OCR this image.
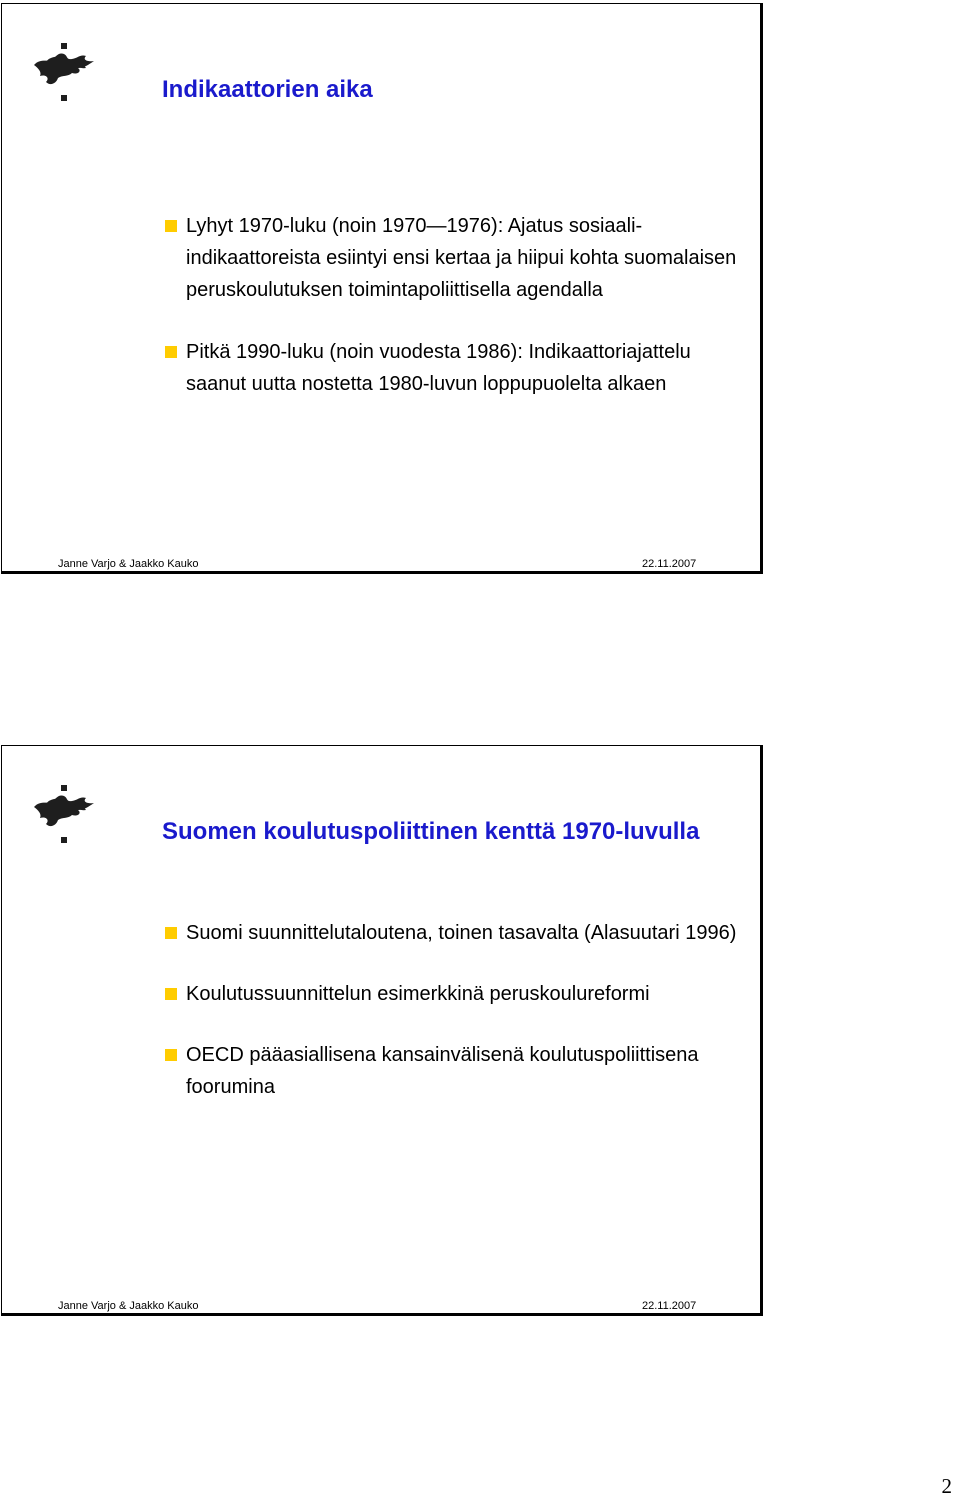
Indikaattorien aika
Lyhyt 1970-luku (noin 1970—1976): Ajatus sosiaali-indikaattoreista esiintyi ensi kertaa ja hiipui kohta suomalaisen peruskoulutuksen toimintapoliittisella agendalla
Pitkä 1990-luku (noin vuodesta 1986): Indikaattoriajattelu saanut uutta nostetta 1980-luvun loppupuolelta alkaen
Janne Varjo & Jaakko Kauko	22.11.2007
Suomen koulutuspoliittinen kenttä 1970-luvulla
Suomi suunnittelutaloutena, toinen tasavalta (Alasuutari 1996)
Koulutussuunnittelun esimerkkinä peruskoulureformi
OECD pääasiallisena kansainvälisenä koulutuspoliittisena foorumina
Janne Varjo & Jaakko Kauko	22.11.2007
2
